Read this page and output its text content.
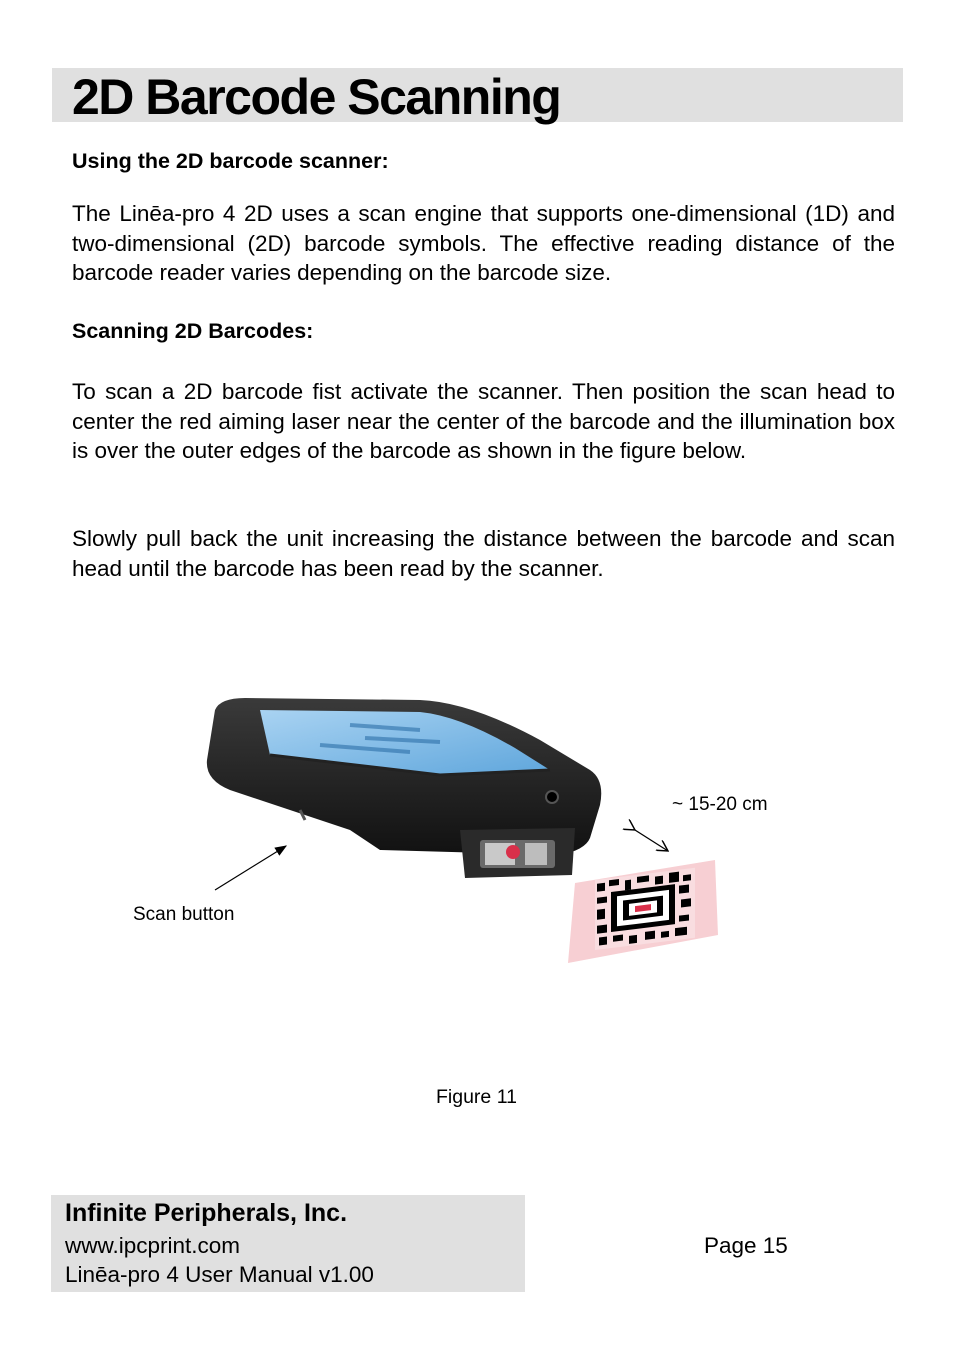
2D Barcode Scanning
Using the 2D barcode scanner:

The Linēa-pro 4 2D uses a scan engine that supports one-dimensional (1D) and two-dimensional (2D) barcode symbols. The effective reading distance of the barcode reader varies depending on the barcode size.

Scanning 2D Barcodes:

To scan a 2D barcode fist activate the scanner. Then position the scan head to center the red aiming laser near the center of the barcode and the illumination box is over the outer edges of the barcode as shown in the figure below.

Slowly pull back the unit increasing the distance between the barcode and scan head until the barcode has been read by the scanner.

~ 15-20 cm
Scan button
Figure 11
Infinite Peripherals, Inc.
www.ipcprint.com
Linēa-pro 4 User Manual v1.00
Page 15
